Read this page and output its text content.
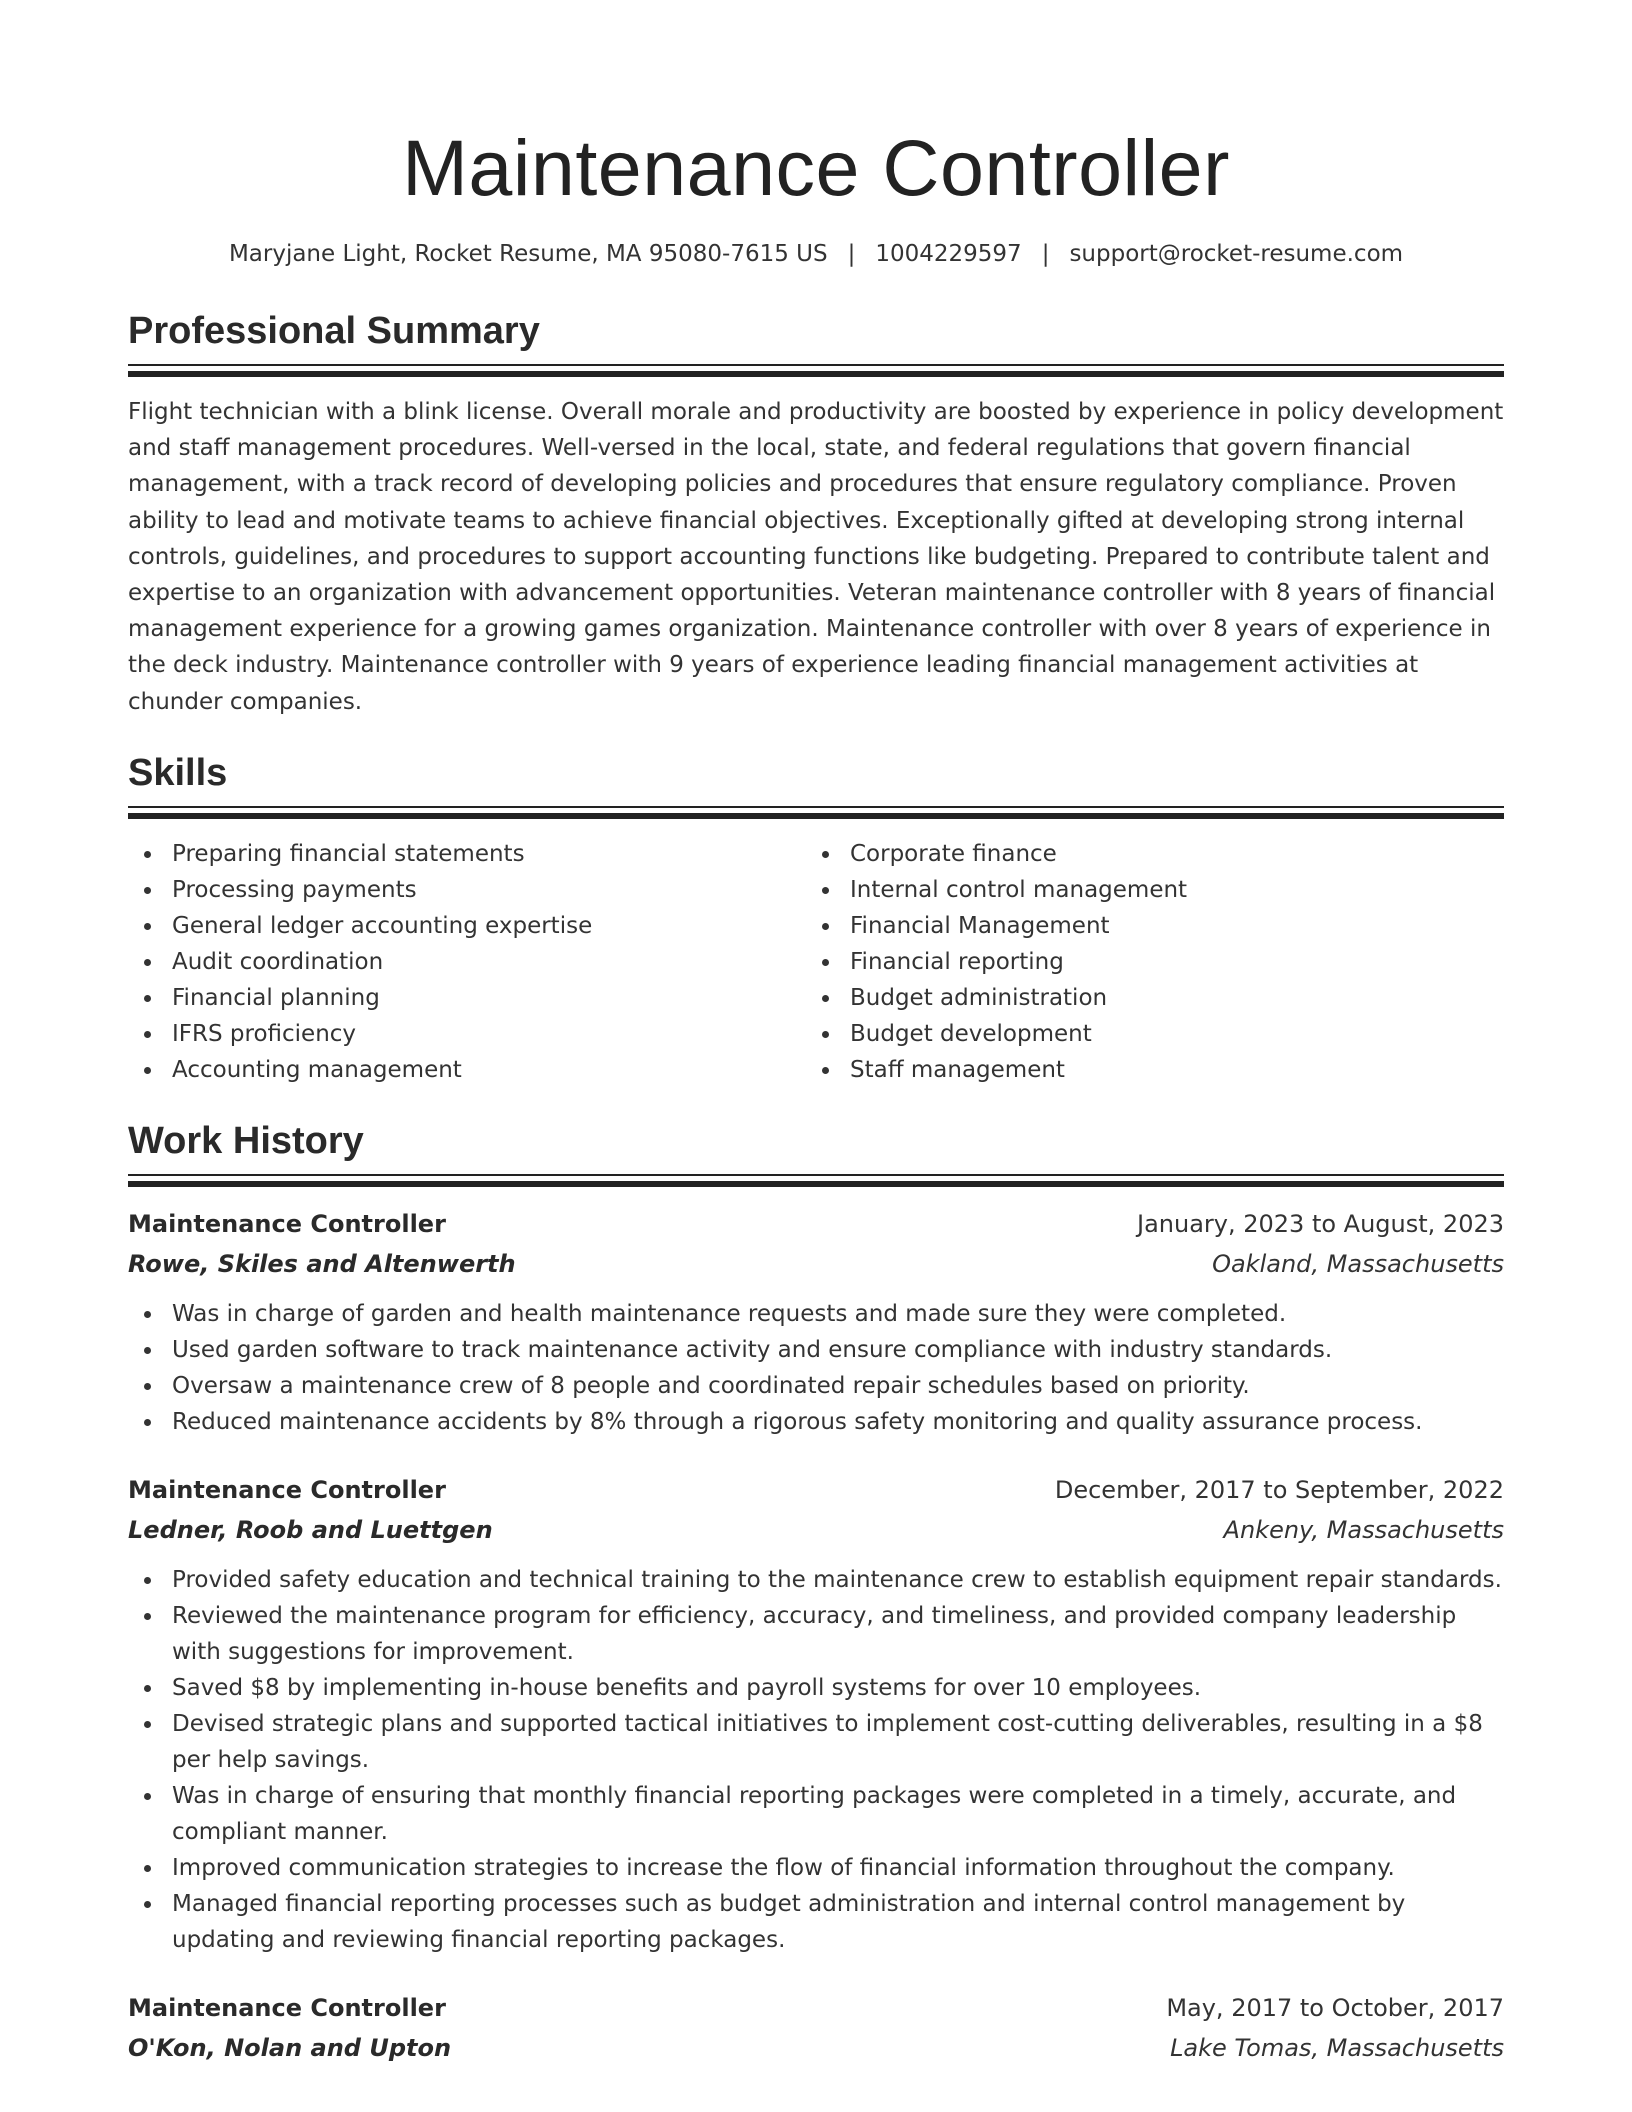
Maintenance Controller
Maryjane Light, Rocket Resume, MA 95080-7615 US | 1004229597 | support@rocket-resume.com
Professional Summary

Flight technician with a blink license. Overall morale and productivity are boosted by experience in policy development and staff management procedures. Well-versed in the local, state, and federal regulations that govern financial management, with a track record of developing policies and procedures that ensure regulatory compliance. Proven ability to lead and motivate teams to achieve financial objectives. Exceptionally gifted at developing strong internal controls, guidelines, and procedures to support accounting functions like budgeting. Prepared to contribute talent and expertise to an organization with advancement opportunities. Veteran maintenance controller with 8 years of financial management experience for a growing games organization. Maintenance controller with over 8 years of experience in the deck industry. Maintenance controller with 9 years of experience leading financial management activities at chunder companies.

Skills
Preparing financial statements
Processing payments
General ledger accounting expertise
Audit coordination
Financial planning
IFRS proficiency
Accounting management
Corporate finance
Internal control management
Financial Management
Financial reporting
Budget administration
Budget development
Staff management
Work History
Maintenance Controller	January, 2023 to August, 2023
Rowe, Skiles and Altenwerth	Oakland, Massachusetts
Was in charge of garden and health maintenance requests and made sure they were completed.
Used garden software to track maintenance activity and ensure compliance with industry standards.
Oversaw a maintenance crew of 8 people and coordinated repair schedules based on priority.
Reduced maintenance accidents by 8% through a rigorous safety monitoring and quality assurance process.
Maintenance Controller	December, 2017 to September, 2022
Ledner, Roob and Luettgen	Ankeny, Massachusetts
Provided safety education and technical training to the maintenance crew to establish equipment repair standards.
Reviewed the maintenance program for efficiency, accuracy, and timeliness, and provided company leadership with suggestions for improvement.
Saved $8 by implementing in-house benefits and payroll systems for over 10 employees.
Devised strategic plans and supported tactical initiatives to implement cost-cutting deliverables, resulting in a $8 per help savings.
Was in charge of ensuring that monthly financial reporting packages were completed in a timely, accurate, and compliant manner.
Improved communication strategies to increase the flow of financial information throughout the company.
Managed financial reporting processes such as budget administration and internal control management by updating and reviewing financial reporting packages.
Maintenance Controller	May, 2017 to October, 2017
O'Kon, Nolan and Upton	Lake Tomas, Massachusetts
